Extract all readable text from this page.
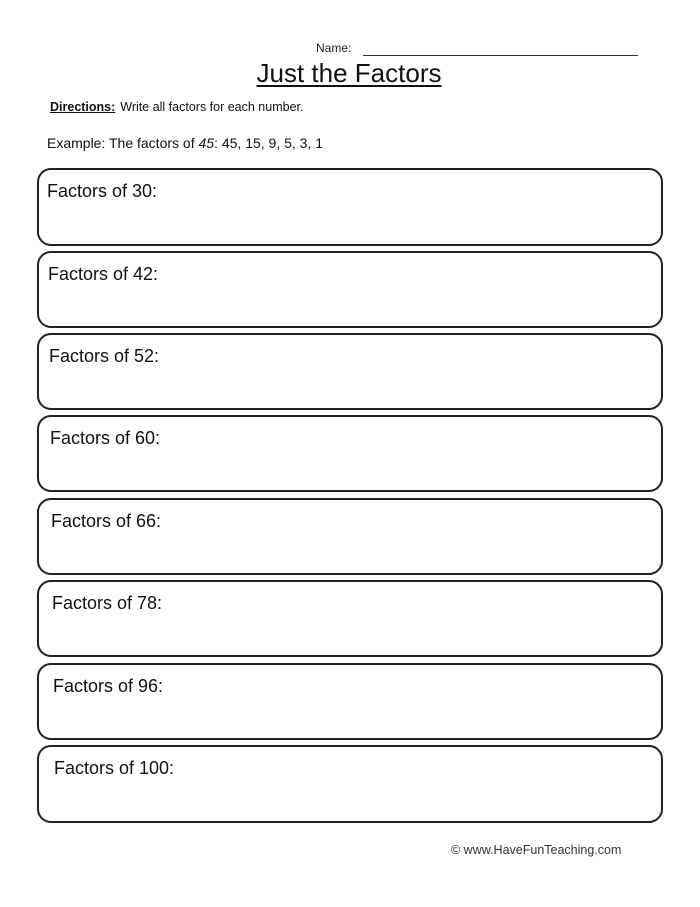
Name:
Just the Factors
Directions: Write all factors for each number.
Example: The factors of 45: 45, 15, 9, 5, 3, 1
Factors of 30:
Factors of 42:
Factors of 52:
Factors of 60:
Factors of 66:
Factors of 78:
Factors of 96:
Factors of 100:
© www.HaveFunTeaching.com
